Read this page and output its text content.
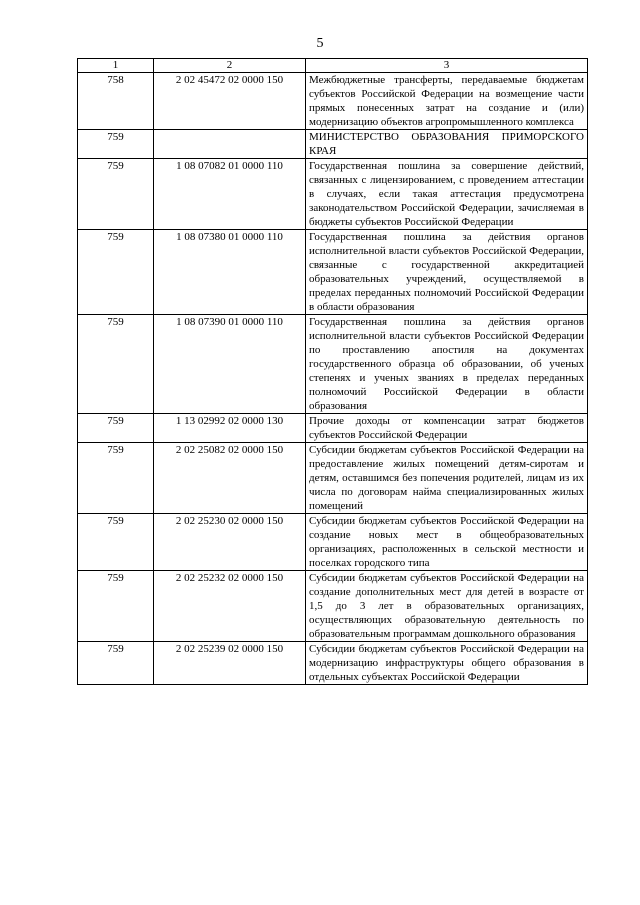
5
1	2	3
758	2 02 45472 02 0000 150	Межбюджетные трансферты, передаваемые бюджетам субъектов Российской Федерации на возмещение части прямых понесенных затрат на создание и (или) модернизацию объектов агропромышленного комплекса
759		МИНИСТЕРСТВО ОБРАЗОВАНИЯ ПРИМОРСКОГО КРАЯ
759	1 08 07082 01 0000 110	Государственная пошлина за совершение действий, связанных с лицензированием, с проведением аттестации в случаях, если такая аттестация предусмотрена законодательством Российской Федерации, зачисляемая в бюджеты субъектов Российской Федерации
759	1 08 07380 01 0000 110	Государственная пошлина за действия органов исполнительной власти субъектов Российской Федерации, связанные с государственной аккредитацией образовательных учреждений, осуществляемой в пределах переданных полномочий Российской Федерации в области образования
759	1 08 07390 01 0000 110	Государственная пошлина за действия органов исполнительной власти субъектов Российской Федерации по проставлению апостиля на документах государственного образца об образовании, об ученых степенях и ученых званиях в пределах переданных полномочий Российской Федерации в области образования
759	1 13 02992 02 0000 130	Прочие доходы от компенсации затрат бюджетов субъектов Российской Федерации
759	2 02 25082 02 0000 150	Субсидии бюджетам субъектов Российской Федерации на предоставление жилых помещений детям-сиротам и детям, оставшимся без попечения родителей, лицам из их числа по договорам найма специализированных жилых помещений
759	2 02 25230 02 0000 150	Субсидии бюджетам субъектов Российской Федерации на создание новых мест в общеобразовательных организациях, расположенных в сельской местности и поселках городского типа
759	2 02 25232 02 0000 150	Субсидии бюджетам субъектов Российской Федерации на создание дополнительных мест для детей в возрасте от 1,5 до 3 лет в образовательных организациях, осуществляющих образовательную деятельность по образовательным программам дошкольного образования
759	2 02 25239 02 0000 150	Субсидии бюджетам субъектов Российской Федерации на модернизацию инфраструктуры общего образования в отдельных субъектах Российской Федерации
